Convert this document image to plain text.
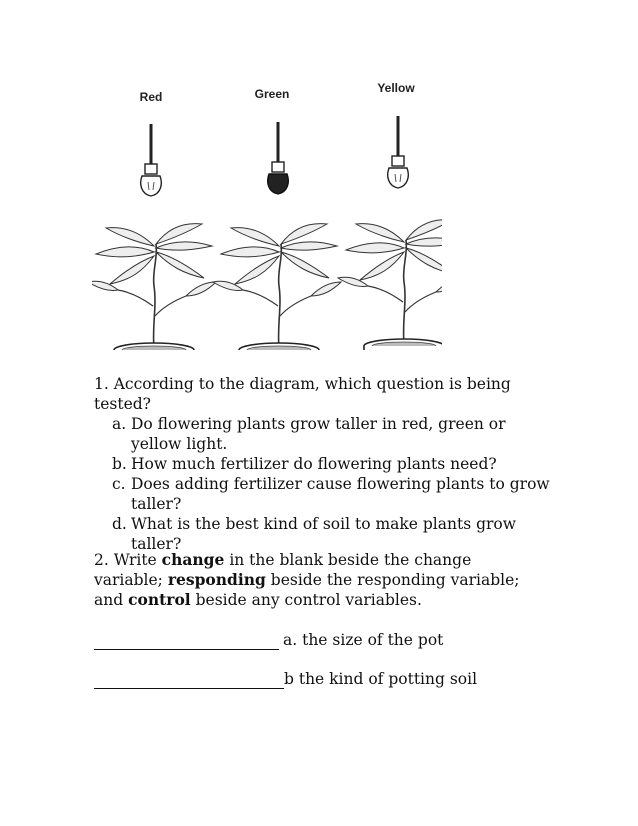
Red	Green	Yellow
1. According to the diagram, which question is being tested?
a. Do flowering plants grow taller in red, green or yellow light.
b. How much fertilizer do flowering plants need?
c. Does adding fertilizer cause flowering plants to grow taller?
d. What is the best kind of soil to make plants grow taller?
2. Write change in the blank beside the change variable; responding beside the responding variable; and control beside any control variables.
a. the size of the pot
b the kind of potting soil
